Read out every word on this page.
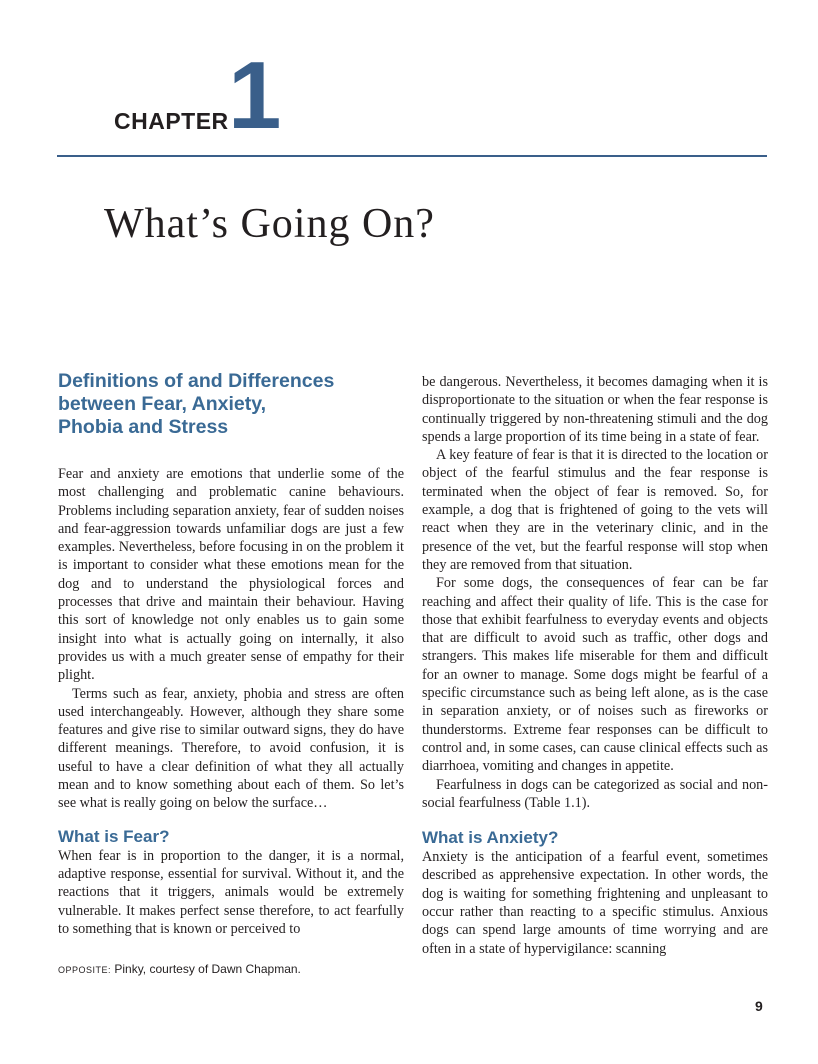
CHAPTER 1
What’s Going On?
Definitions of and Differences
between Fear, Anxiety,
Phobia and Stress

Fear and anxiety are emotions that underlie some of the most challenging and problematic canine behaviours. Problems including separation anxiety, fear of sudden noises and fear-aggression towards unfamiliar dogs are just a few examples. Nevertheless, before focusing in on the problem it is important to consider what these emotions mean for the dog and to understand the physiological forces and processes that drive and maintain their behaviour. Having this sort of knowledge not only enables us to gain some insight into what is actually going on internally, it also provides us with a much greater sense of empathy for their plight.

Terms such as fear, anxiety, phobia and stress are often used interchangeably. However, although they share some features and give rise to similar outward signs, they do have different meanings. Therefore, to avoid confusion, it is useful to have a clear definition of what they all actually mean and to know something about each of them. So let’s see what is really going on below the surface…

What is Fear?

When fear is in proportion to the danger, it is a normal, adaptive response, essential for survival. Without it, and the reactions that it triggers, animals would be extremely vulnerable. It makes perfect sense therefore, to act fearfully to something that is known or perceived to

be dangerous. Nevertheless, it becomes damaging when it is disproportionate to the situation or when the fear response is continually triggered by non-threatening stimuli and the dog spends a large proportion of its time being in a state of fear.

A key feature of fear is that it is directed to the location or object of the fearful stimulus and the fear response is terminated when the object of fear is removed. So, for example, a dog that is frightened of going to the vets will react when they are in the veterinary clinic, and in the presence of the vet, but the fearful response will stop when they are removed from that situation.

For some dogs, the consequences of fear can be far reaching and affect their quality of life. This is the case for those that exhibit fearfulness to everyday events and objects that are difficult to avoid such as traffic, other dogs and strangers. This makes life miserable for them and difficult for an owner to manage. Some dogs might be fearful of a specific circumstance such as being left alone, as is the case in separation anxiety, or of noises such as fireworks or thunderstorms. Extreme fear responses can be difficult to control and, in some cases, can cause clinical effects such as diarrhoea, vomiting and changes in appetite.

Fearfulness in dogs can be categorized as social and non-social fearfulness (Table 1.1).

What is Anxiety?

Anxiety is the anticipation of a fearful event, sometimes described as apprehensive expectation. In other words, the dog is waiting for something frightening and unpleasant to occur rather than reacting to a specific stimulus. Anxious dogs can spend large amounts of time worrying and are often in a state of hypervigilance: scanning

OPPOSITE: Pinky, courtesy of Dawn Chapman.
9
